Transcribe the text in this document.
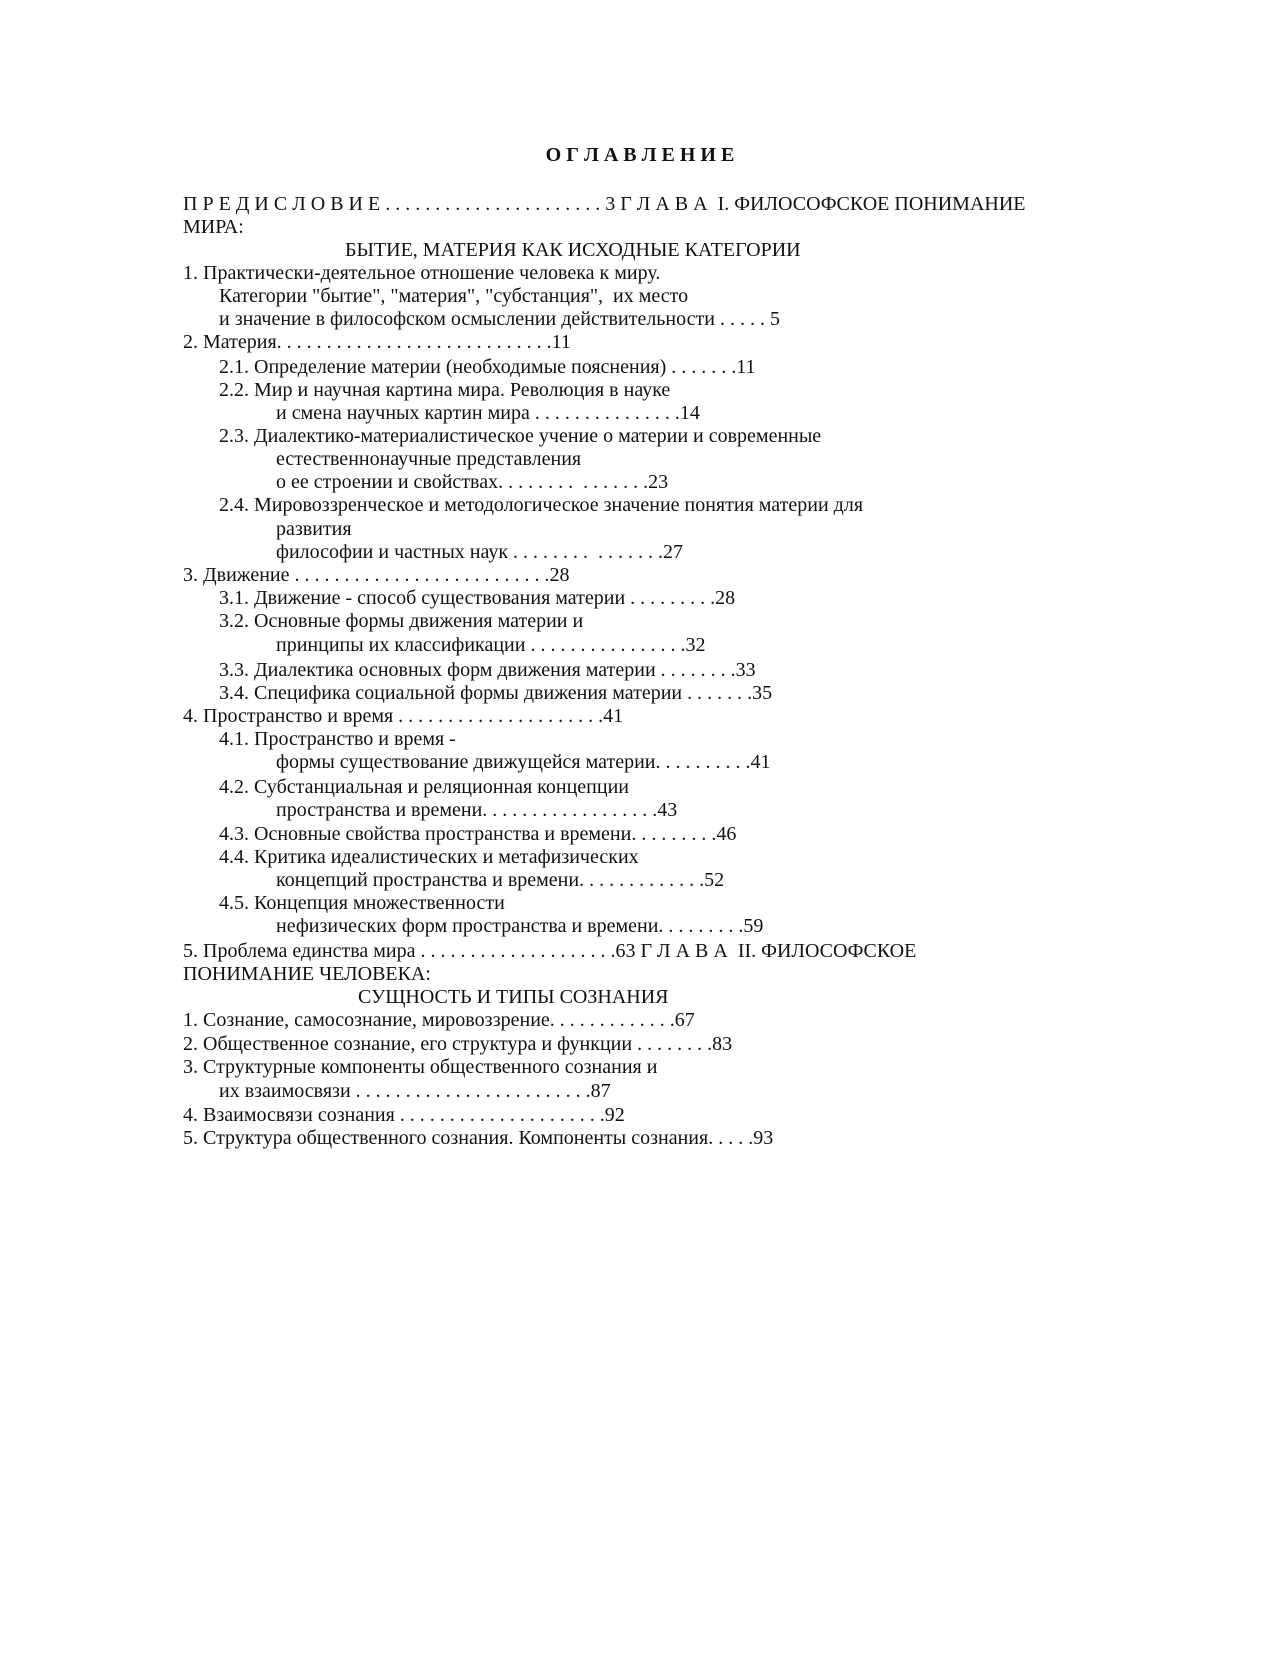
О Г Л А В Л Е Н И Е
П Р Е Д И С Л О В И Е . . . . . . . . . . . . . . . . . . . . . . 3 Г Л А В А  I. ФИЛОСОФСКОЕ ПОНИМАНИЕ
МИРА:
БЫТИЕ, МАТЕРИЯ КАК ИСХОДНЫЕ КАТЕГОРИИ
1. Практически-деятельное отношение человека к миру.
Категории "бытие", "материя", "субстанция",  их место
и значение в философском осмыслении действительности . . . . . 5
2. Материя. . . . . . . . . . . . . . . . . . . . . . . . . . . .11
2.1. Определение материи (необходимые пояснения) . . . . . . .11
2.2. Мир и научная картина мира. Революция в науке
и смена научных картин мира . . . . . . . . . . . . . . .14
2.3. Диалектико-материалистическое учение о материи и современные
естественнонаучные представления
о ее строении и свойствах. . . . . . . .  . . . . . . .23
2.4. Мировоззренческое и методологическое значение понятия материи для
развития
философии и частных наук . . . . . . . .  . . . . . . .27
3. Движение . . . . . . . . . . . . . . . . . . . . . . . . . .28
3.1. Движение - способ существования материи . . . . . . . . .28
3.2. Основные формы движения материи и
принципы их классификации . . . . . . . . . . . . . . . .32
3.3. Диалектика основных форм движения материи . . . . . . . .33
3.4. Специфика социальной формы движения материи . . . . . . .35
4. Пространство и время . . . . . . . . . . . . . . . . . . . . .41
4.1. Пространство и время -
формы существование движущейся материи. . . . . . . . . .41
4.2. Субстанциальная и реляционная концепции
пространства и времени. . . . . . . . . . . . . . . . . .43
4.3. Основные свойства пространства и времени. . . . . . . . .46
4.4. Критика идеалистических и метафизических
концепций пространства и времени. . . . . . . . . . . . .52
4.5. Концепция множественности
нефизических форм пространства и времени. . . . . . . . .59
5. Проблема единства мира . . . . . . . . . . . . . . . . . . . .63 Г Л А В А  II. ФИЛОСОФСКОЕ
ПОНИМАНИЕ ЧЕЛОВЕКА:
СУЩНОСТЬ И ТИПЫ СОЗНАНИЯ
1. Сознание, самосознание, мировоззрение. . . . . . . . . . . . .67
2. Общественное сознание, его структура и функции . . . . . . . .83
3. Структурные компоненты общественного сознания и
их взаимосвязи . . . . . . . . . . . . . . . . . . . . . . . .87
4. Взаимосвязи сознания . . . . . . . . . . . . . . . . . . . . .92
5. Структура общественного сознания. Компоненты сознания. . . . .93
